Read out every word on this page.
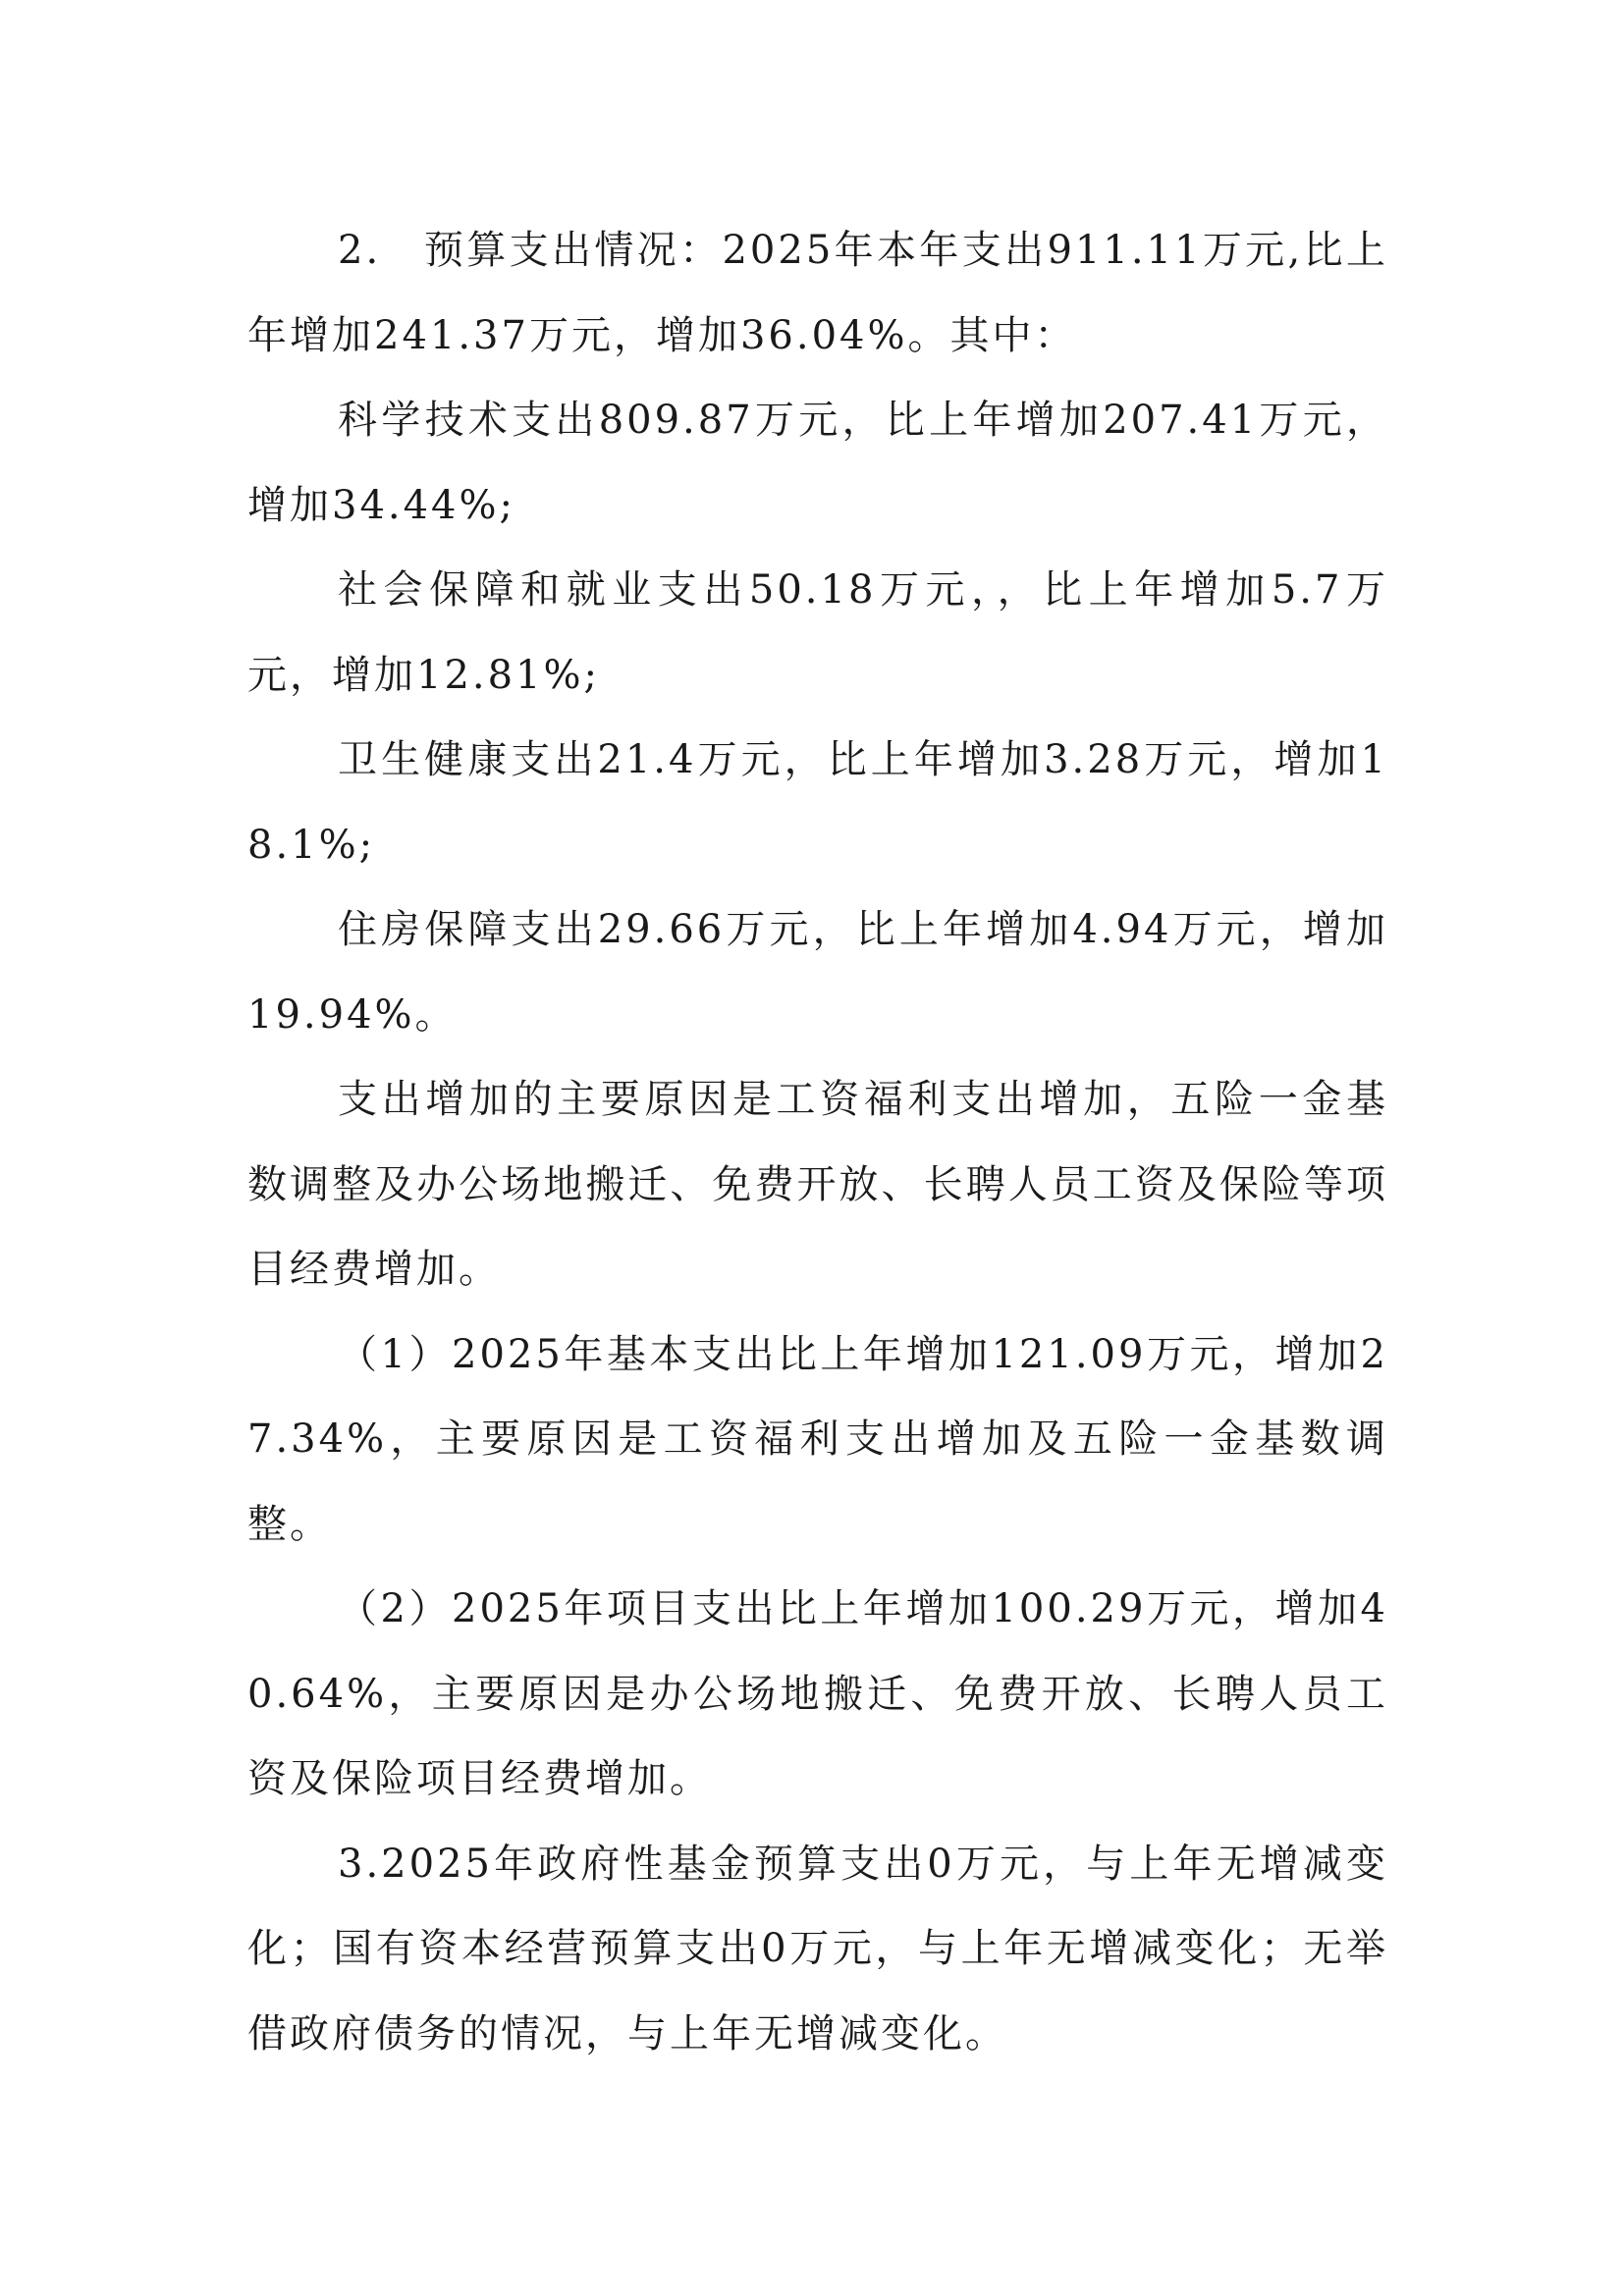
2.　预算支出情况：2025年本年支出911.11万元,比上年增加241.37万元，增加36.04%。其中：

科学技术支出809.87万元，比上年增加207.41万元，增加34.44%;

社会保障和就业支出50.18万元，，比上年增加5.7万元，增加12.81%;

卫生健康支出21.4万元，比上年增加3.28万元，增加18.1%;

住房保障支出29.66万元，比上年增加4.94万元，增加19.94%。

支出增加的主要原因是工资福利支出增加，五险一金基数调整及办公场地搬迁、免费开放、长聘人员工资及保险等项目经费增加。

（1）2025年基本支出比上年增加121.09万元，增加27.34%，主要原因是工资福利支出增加及五险一金基数调整。

（2）2025年项目支出比上年增加100.29万元，增加40.64%，主要原因是办公场地搬迁、免费开放、长聘人员工资及保险项目经费增加。

3.2025年政府性基金预算支出0万元，与上年无增减变化；国有资本经营预算支出0万元，与上年无增减变化；无举借政府债务的情况，与上年无增减变化。
